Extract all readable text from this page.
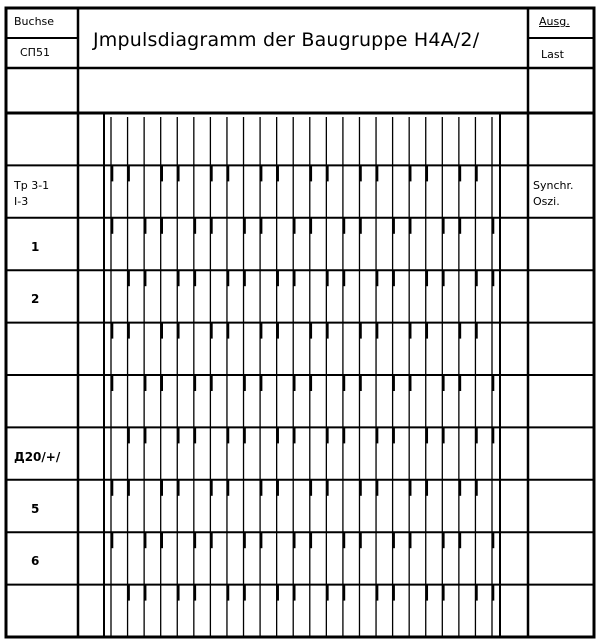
Buchse
СП51
Jmpulsdiagramm der Baugruppe H4A/2/
Ausg.
Last
Tp 3-1
I-3
1
2
Д20/+/
5
6
Synchr.
Oszi.
